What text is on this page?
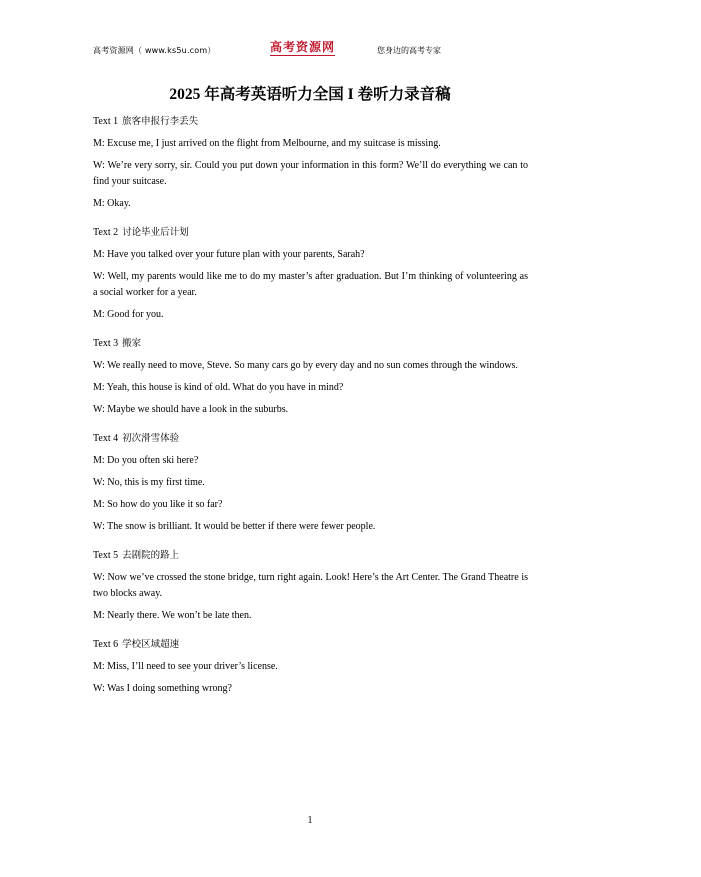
高考资源网（ www.ks5u.com）	高考资源网	您身边的高考专家
2025 年高考英语听力全国 I 卷听力录音稿
Text 1 旅客申报行李丢失
M: Excuse me, I just arrived on the flight from Melbourne, and my suitcase is missing.
W: We’re very sorry, sir. Could you put down your information in this form? We’ll do everything we can to find your suitcase.
M: Okay.
Text 2 讨论毕业后计划
M: Have you talked over your future plan with your parents, Sarah?
W: Well, my parents would like me to do my master’s after graduation. But I’m thinking of volunteering as a social worker for a year.
M: Good for you.
Text 3 搬家
W: We really need to move, Steve. So many cars go by every day and no sun comes through the windows.
M: Yeah, this house is kind of old. What do you have in mind?
W: Maybe we should have a look in the suburbs.
Text 4 初次滑雪体验
M: Do you often ski here?
W: No, this is my first time.
M: So how do you like it so far?
W: The snow is brilliant. It would be better if there were fewer people.
Text 5 去剧院的路上
W: Now we’ve crossed the stone bridge, turn right again. Look! Here’s the Art Center. The Grand Theatre is two blocks away.
M: Nearly there. We won’t be late then.
Text 6 学校区域超速
M: Miss, I’ll need to see your driver’s license.
W: Was I doing something wrong?
1
